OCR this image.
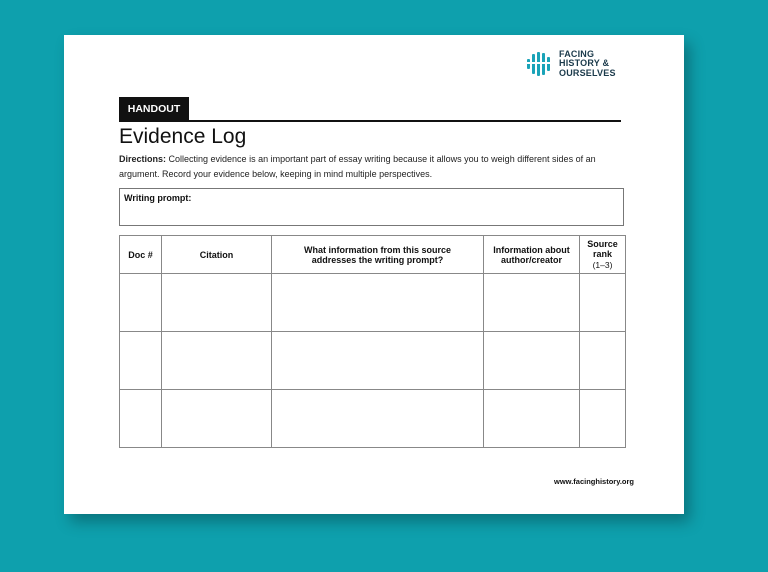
FACING
HISTORY &
OURSELVES
HANDOUT
Evidence Log
Directions: Collecting evidence is an important part of essay writing because it allows you to weigh different sides of an argument. Record your evidence below, keeping in mind multiple perspectives.
Writing prompt:
Doc #	Citation	What information from this source addresses the writing prompt?	Information about author/creator	Source rank
(1–3)

www.facinghistory.org
